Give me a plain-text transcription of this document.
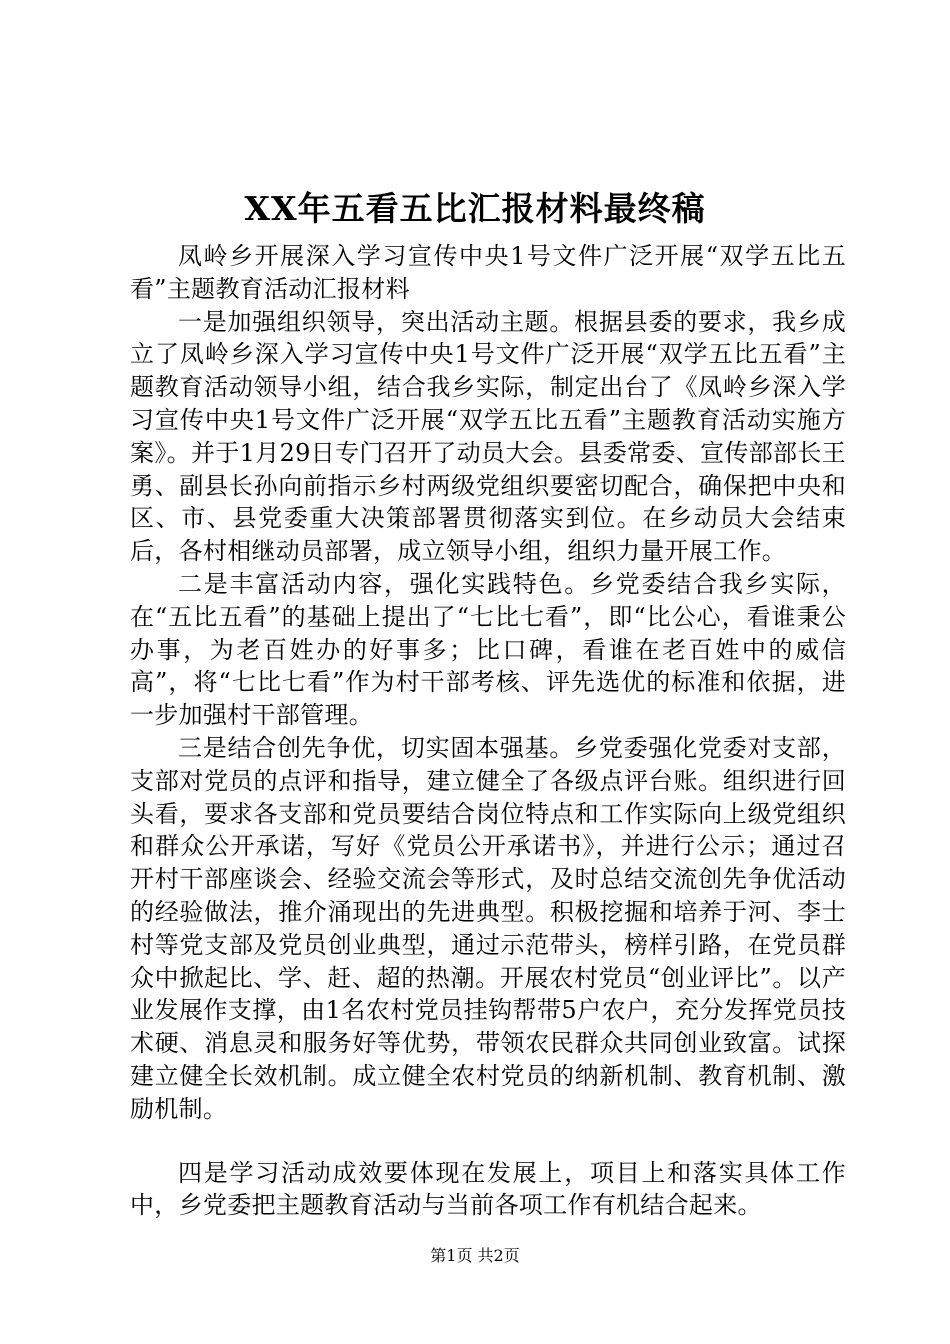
XX年五看五比汇报材料最终稿

凤岭乡开展深入学习宣传中央1号文件广泛开展“双学五比五看”主题教育活动汇报材料

一是加强组织领导，突出活动主题。根据县委的要求，我乡成立了凤岭乡深入学习宣传中央1号文件广泛开展“双学五比五看”主题教育活动领导小组，结合我乡实际，制定出台了《凤岭乡深入学习宣传中央1号文件广泛开展“双学五比五看”主题教育活动实施方案》。并于1月29日专门召开了动员大会。县委常委、宣传部部长王勇、副县长孙向前指示乡村两级党组织要密切配合，确保把中央和区、市、县党委重大决策部署贯彻落实到位。在乡动员大会结束后，各村相继动员部署，成立领导小组，组织力量开展工作。

二是丰富活动内容，强化实践特色。乡党委结合我乡实际，在“五比五看”的基础上提出了“七比七看”，即“比公心，看谁秉公办事，为老百姓办的好事多；比口碑，看谁在老百姓中的威信高”，将“七比七看”作为村干部考核、评先选优的标准和依据，进一步加强村干部管理。

三是结合创先争优，切实固本强基。乡党委强化党委对支部，支部对党员的点评和指导，建立健全了各级点评台账。组织进行回头看，要求各支部和党员要结合岗位特点和工作实际向上级党组织和群众公开承诺，写好《党员公开承诺书》，并进行公示；通过召开村干部座谈会、经验交流会等形式，及时总结交流创先争优活动的经验做法，推介涌现出的先进典型。积极挖掘和培养于河、李士村等党支部及党员创业典型，通过示范带头，榜样引路，在党员群众中掀起比、学、赶、超的热潮。开展农村党员“创业评比”。以产业发展作支撑，由1名农村党员挂钩帮带5户农户，充分发挥党员技术硬、消息灵和服务好等优势，带领农民群众共同创业致富。试探建立健全长效机制。成立健全农村党员的纳新机制、教育机制、激励机制。

四是学习活动成效要体现在发展上，项目上和落实具体工作中，乡党委把主题教育活动与当前各项工作有机结合起来。

第1页 共2页
